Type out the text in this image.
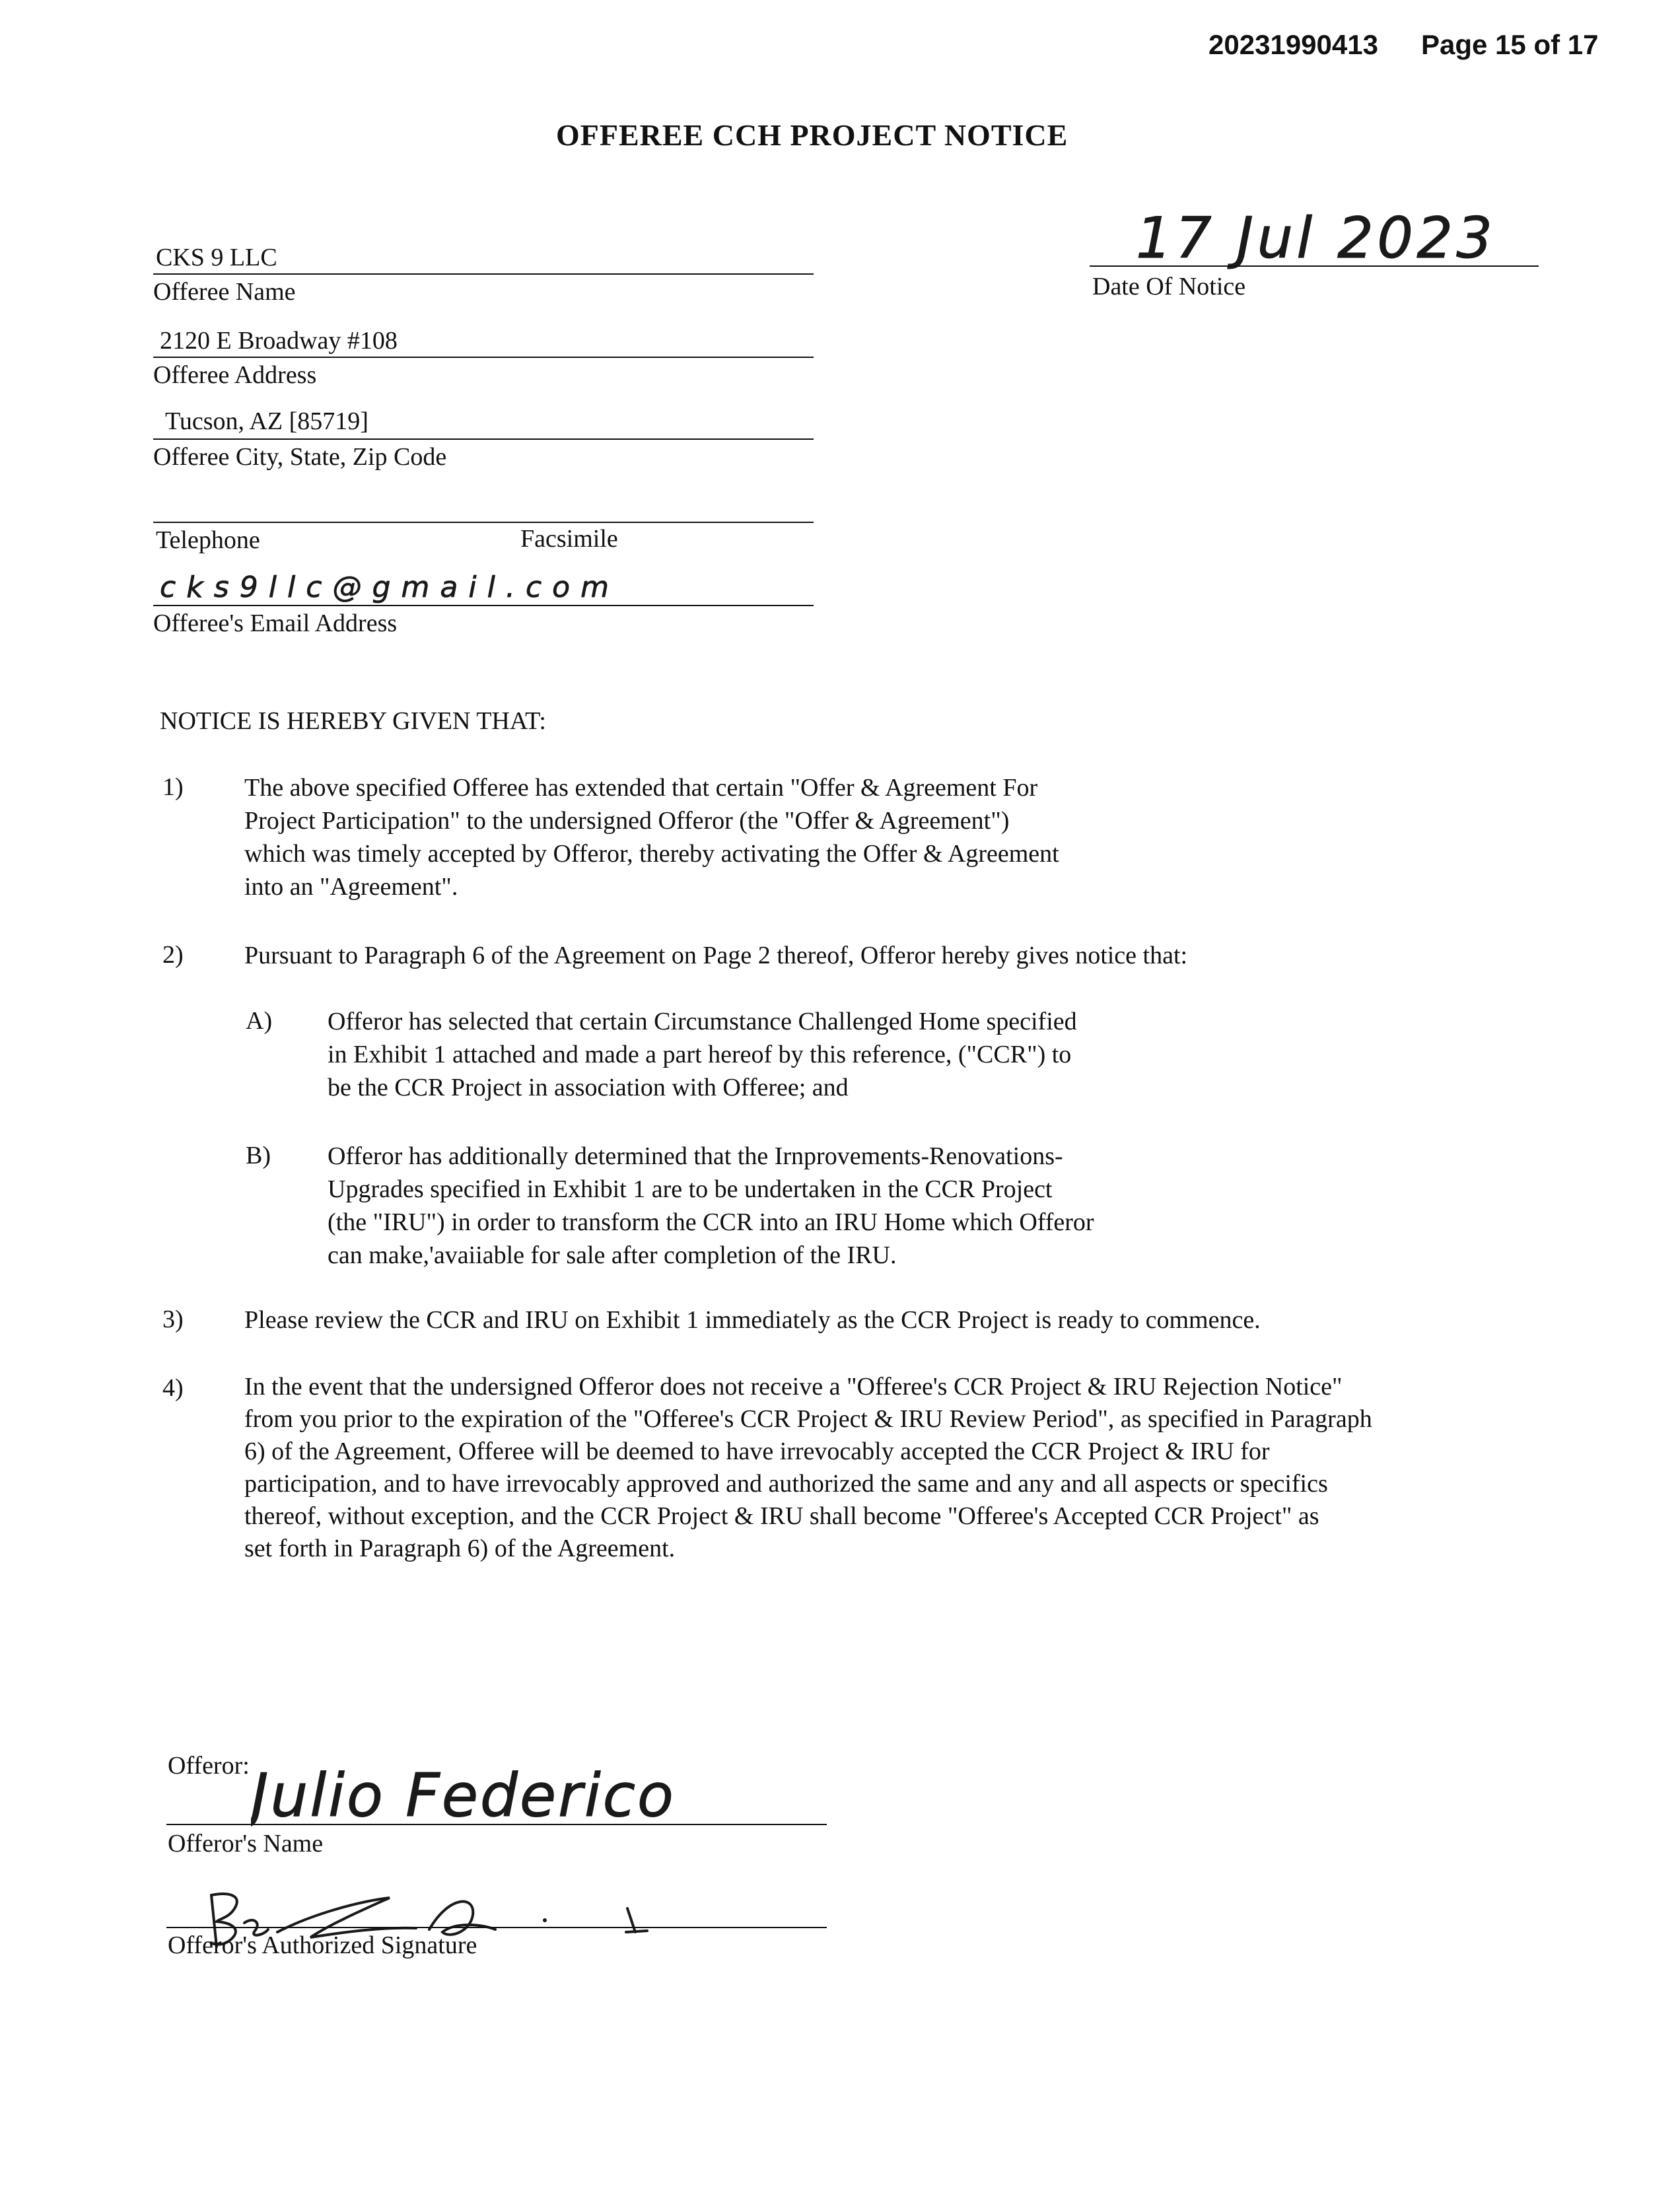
20231990413 Page 15 of 17
OFFEREE CCH PROJECT NOTICE
CKS 9 LLC
Offeree Name
2120 E Broadway #108
Offeree Address
Tucson, AZ [85719]
Offeree City, State, Zip Code
Telephone	Facsimile
cks9llc@gmail.com
Offeree's Email Address
17 Jul 2023
Date Of Notice
NOTICE IS HEREBY GIVEN THAT:
1) The above specified Offeree has extended that certain "Offer & Agreement For
Project Participation" to the undersigned Offeror (the "Offer & Agreement")
which was timely accepted by Offeror, thereby activating the Offer & Agreement
into an "Agreement".
2) Pursuant to Paragraph 6 of the Agreement on Page 2 thereof, Offeror hereby gives notice that:
A) Offeror has selected that certain Circumstance Challenged Home specified
in Exhibit 1 attached and made a part hereof by this reference, ("CCR") to
be the CCR Project in association with Offeree; and
B) Offeror has additionally determined that the Irnprovements-Renovations-
Upgrades specified in Exhibit 1 are to be undertaken in the CCR Project
(the "IRU") in order to transform the CCR into an IRU Home which Offeror
can make,'avaiiable for sale after completion of the IRU.
3) Please review the CCR and IRU on Exhibit 1 immediately as the CCR Project is ready to commence.
4) In the event that the undersigned Offeror does not receive a "Offeree's CCR Project & IRU Rejection Notice"
from you prior to the expiration of the "Offeree's CCR Project & IRU Review Period", as specified in Paragraph
6) of the Agreement, Offeree will be deemed to have irrevocably accepted the CCR Project & IRU for
participation, and to have irrevocably approved and authorized the same and any and all aspects or specifics
thereof, without exception, and the CCR Project & IRU shall become "Offeree's Accepted CCR Project" as
set forth in Paragraph 6) of the Agreement.
Offeror: Julio Federico
Offeror's Name
Offeror's Authorized Signature
